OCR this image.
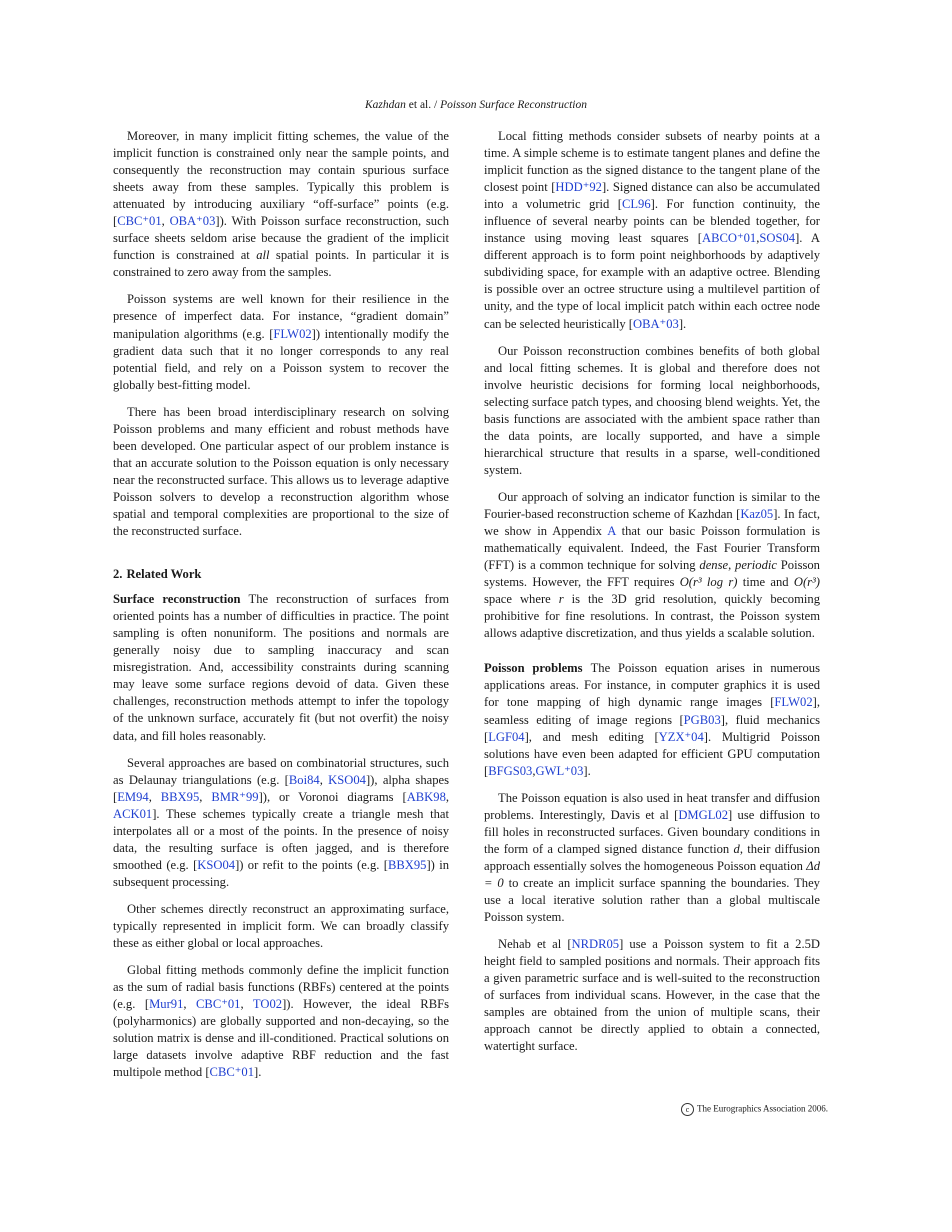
Kazhdan et al. / Poisson Surface Reconstruction

Moreover, in many implicit fitting schemes, the value of the implicit function is constrained only near the sample points, and consequently the reconstruction may contain spurious surface sheets away from these samples. Typically this problem is attenuated by introducing auxiliary “off-surface” points (e.g. [CBC⁺01, OBA⁺03]). With Poisson surface reconstruction, such surface sheets seldom arise because the gradient of the implicit function is constrained at all spatial points. In particular it is constrained to zero away from the samples.

Poisson systems are well known for their resilience in the presence of imperfect data. For instance, “gradient domain” manipulation algorithms (e.g. [FLW02]) intentionally modify the gradient data such that it no longer corresponds to any real potential field, and rely on a Poisson system to recover the globally best-fitting model.

There has been broad interdisciplinary research on solving Poisson problems and many efficient and robust methods have been developed. One particular aspect of our problem instance is that an accurate solution to the Poisson equation is only necessary near the reconstructed surface. This allows us to leverage adaptive Poisson solvers to develop a reconstruction algorithm whose spatial and temporal complexities are proportional to the size of the reconstructed surface.

2. Related Work

Surface reconstruction The reconstruction of surfaces from oriented points has a number of difficulties in practice. The point sampling is often nonuniform. The positions and normals are generally noisy due to sampling inaccuracy and scan misregistration. And, accessibility constraints during scanning may leave some surface regions devoid of data. Given these challenges, reconstruction methods attempt to infer the topology of the unknown surface, accurately fit (but not overfit) the noisy data, and fill holes reasonably.

Several approaches are based on combinatorial structures, such as Delaunay triangulations (e.g. [Boi84, KSO04]), alpha shapes [EM94, BBX95, BMR⁺99]), or Voronoi diagrams [ABK98, ACK01]. These schemes typically create a triangle mesh that interpolates all or a most of the points. In the presence of noisy data, the resulting surface is often jagged, and is therefore smoothed (e.g. [KSO04]) or refit to the points (e.g. [BBX95]) in subsequent processing.

Other schemes directly reconstruct an approximating surface, typically represented in implicit form. We can broadly classify these as either global or local approaches.

Global fitting methods commonly define the implicit function as the sum of radial basis functions (RBFs) centered at the points (e.g. [Mur91, CBC⁺01, TO02]). However, the ideal RBFs (polyharmonics) are globally supported and non-decaying, so the solution matrix is dense and ill-conditioned. Practical solutions on large datasets involve adaptive RBF reduction and the fast multipole method [CBC⁺01].

Local fitting methods consider subsets of nearby points at a time. A simple scheme is to estimate tangent planes and define the implicit function as the signed distance to the tangent plane of the closest point [HDD⁺92]. Signed distance can also be accumulated into a volumetric grid [CL96]. For function continuity, the influence of several nearby points can be blended together, for instance using moving least squares [ABCO⁺01,SOS04]. A different approach is to form point neighborhoods by adaptively subdividing space, for example with an adaptive octree. Blending is possible over an octree structure using a multilevel partition of unity, and the type of local implicit patch within each octree node can be selected heuristically [OBA⁺03].

Our Poisson reconstruction combines benefits of both global and local fitting schemes. It is global and therefore does not involve heuristic decisions for forming local neighborhoods, selecting surface patch types, and choosing blend weights. Yet, the basis functions are associated with the ambient space rather than the data points, are locally supported, and have a simple hierarchical structure that results in a sparse, well-conditioned system.

Our approach of solving an indicator function is similar to the Fourier-based reconstruction scheme of Kazhdan [Kaz05]. In fact, we show in Appendix A that our basic Poisson formulation is mathematically equivalent. Indeed, the Fast Fourier Transform (FFT) is a common technique for solving dense, periodic Poisson systems. However, the FFT requires O(r³ log r) time and O(r³) space where r is the 3D grid resolution, quickly becoming prohibitive for fine resolutions. In contrast, the Poisson system allows adaptive discretization, and thus yields a scalable solution.

Poisson problems The Poisson equation arises in numerous applications areas. For instance, in computer graphics it is used for tone mapping of high dynamic range images [FLW02], seamless editing of image regions [PGB03], fluid mechanics [LGF04], and mesh editing [YZX⁺04]. Multigrid Poisson solutions have even been adapted for efficient GPU computation [BFGS03,GWL⁺03].

The Poisson equation is also used in heat transfer and diffusion problems. Interestingly, Davis et al [DMGL02] use diffusion to fill holes in reconstructed surfaces. Given boundary conditions in the form of a clamped signed distance function d, their diffusion approach essentially solves the homogeneous Poisson equation Δd = 0 to create an implicit surface spanning the boundaries. They use a local iterative solution rather than a global multiscale Poisson system.

Nehab et al [NRDR05] use a Poisson system to fit a 2.5D height field to sampled positions and normals. Their approach fits a given parametric surface and is well-suited to the reconstruction of surfaces from individual scans. However, in the case that the samples are obtained from the union of multiple scans, their approach cannot be directly applied to obtain a connected, watertight surface.

c The Eurographics Association 2006.
